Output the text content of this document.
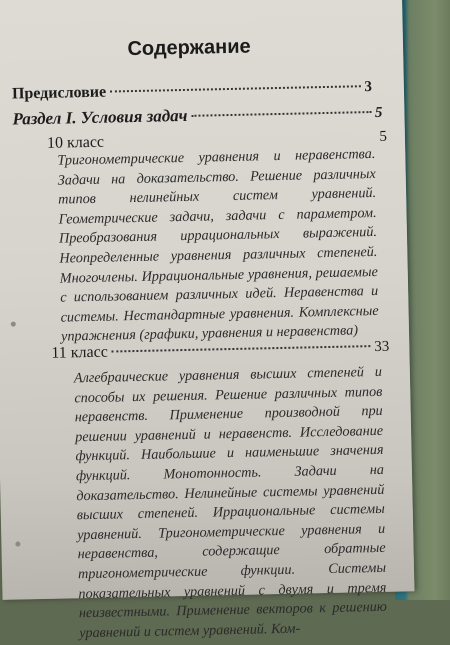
Содержание
Предисловие	3
Раздел I. Условия задач	5
10 класс	5
Тригонометрические уравнения и неравенства. Задачи на доказательство. Решение различных типов нелинейных систем уравнений. Геометрические задачи, задачи с параметром. Преобразования иррациональных выражений. Неопределенные уравнения различных степеней. Многочлены. Иррациональные уравнения, решаемые с использованием различных идей. Неравенства и системы. Нестандартные уравнения. Комплексные упражнения (графики, уравнения и неравенства)
11 класс	33
Алгебраические уравнения высших степеней и способы их решения. Решение различных типов неравенств. Применение производной при решении уравнений и неравенств. Исследование функций. Наибольшие и наименьшие значения функций. Монотонность. Задачи на доказательство. Нелинейные системы уравнений высших степеней. Иррациональные системы уравнений. Тригонометрические уравнения и неравенства, содержащие обратные тригонометрические функции. Системы показательных уравнений с двумя и тремя неизвестными. Применение векторов к решению уравнений и систем уравнений. Ком-
